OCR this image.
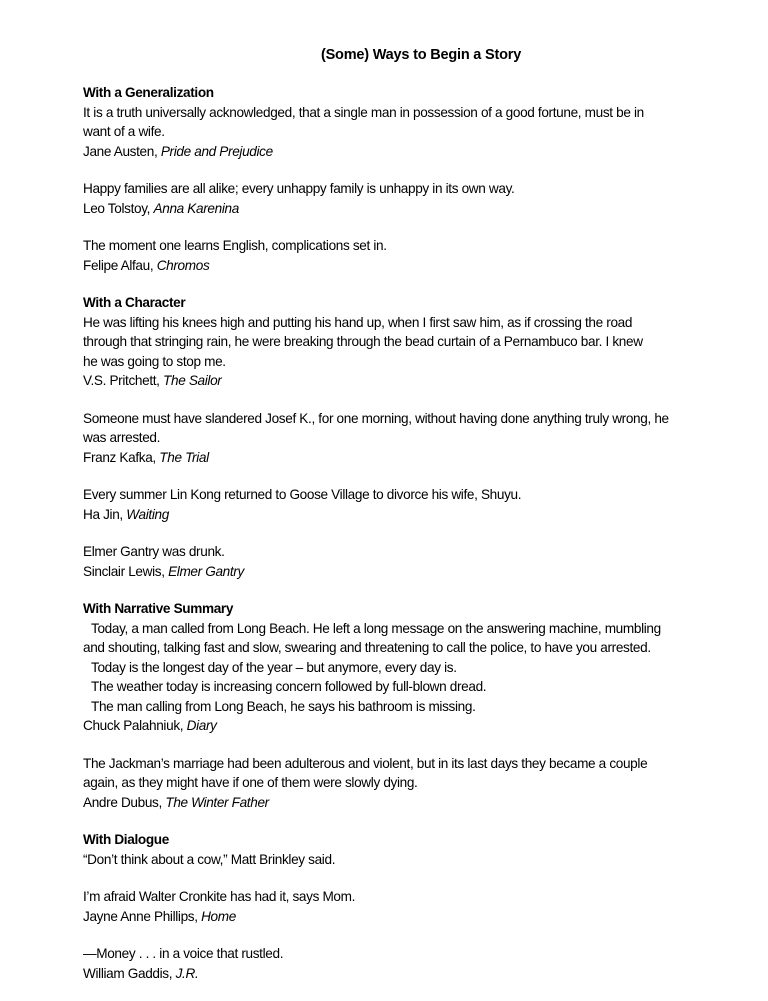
(Some) Ways to Begin a Story
With a Generalization
It is a truth universally acknowledged, that a single man in possession of a good fortune, must be in
want of a wife.
Jane Austen, Pride and Prejudice
Happy families are all alike; every unhappy family is unhappy in its own way.
Leo Tolstoy, Anna Karenina
The moment one learns English, complications set in.
Felipe Alfau, Chromos
With a Character
He was lifting his knees high and putting his hand up, when I first saw him, as if crossing the road
through that stringing rain, he were breaking through the bead curtain of a Pernambuco bar. I knew
he was going to stop me.
V.S. Pritchett, The Sailor
Someone must have slandered Josef K., for one morning, without having done anything truly wrong, he
was arrested.
Franz Kafka, The Trial
Every summer Lin Kong returned to Goose Village to divorce his wife, Shuyu.
Ha Jin, Waiting
Elmer Gantry was drunk.
Sinclair Lewis, Elmer Gantry
With Narrative Summary
Today, a man called from Long Beach. He left a long message on the answering machine, mumbling
and shouting, talking fast and slow, swearing and threatening to call the police, to have you arrested.
Today is the longest day of the year – but anymore, every day is.
The weather today is increasing concern followed by full-blown dread.
The man calling from Long Beach, he says his bathroom is missing.
Chuck Palahniuk, Diary
The Jackman’s marriage had been adulterous and violent, but in its last days they became a couple
again, as they might have if one of them were slowly dying.
Andre Dubus, The Winter Father
With Dialogue
“Don’t think about a cow,” Matt Brinkley said.
I’m afraid Walter Cronkite has had it, says Mom.
Jayne Anne Phillips, Home
—Money . . . in a voice that rustled.
William Gaddis, J.R.
